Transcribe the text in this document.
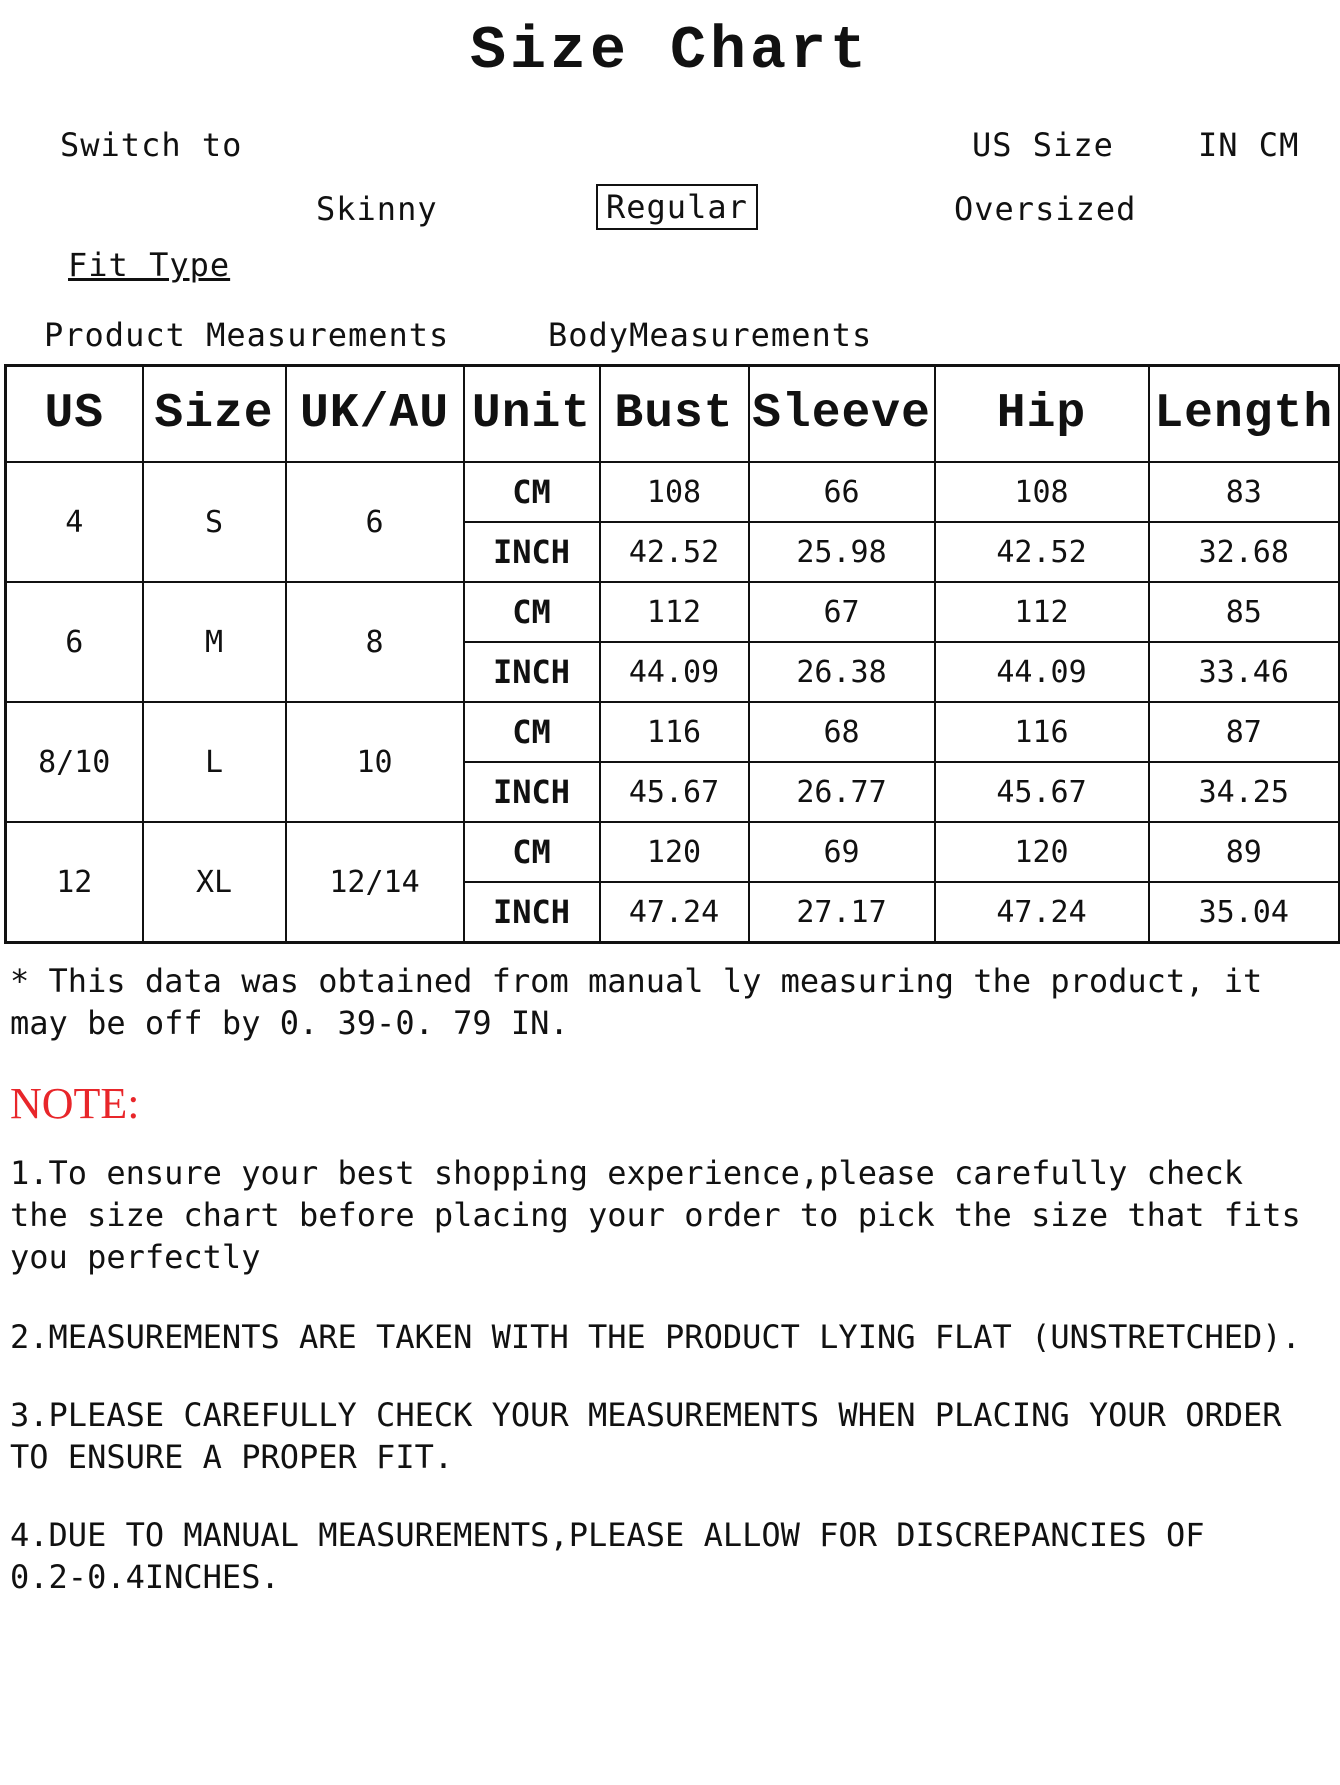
Size Chart
Switch to	US Size	IN CM
Skinny	Regular	Oversized
Fit Type
Product Measurements	BodyMeasurements
US	Size	UK/AU	Unit	Bust	Sleeve	Hip	Length
4	S	6	CM	108	66	108	83
			INCH	42.52	25.98	42.52	32.68
6	M	8	CM	112	67	112	85
			INCH	44.09	26.38	44.09	33.46
8/10	L	10	CM	116	68	116	87
			INCH	45.67	26.77	45.67	34.25
12	XL	12/14	CM	120	69	120	89
			INCH	47.24	27.17	47.24	35.04
* This data was obtained from manual ly measuring the product, it may be off by 0. 39-0. 79 IN.
NOTE:
1.To ensure your best shopping experience,please carefully check the size chart before placing your order to pick the size that fits you perfectly
2.MEASUREMENTS ARE TAKEN WITH THE PRODUCT LYING FLAT (UNSTRETCHED).
3.PLEASE CAREFULLY CHECK YOUR MEASUREMENTS WHEN PLACING YOUR ORDER TO ENSURE A PROPER FIT.
4.DUE TO MANUAL MEASUREMENTS,PLEASE ALLOW FOR DISCREPANCIES OF 0.2-0.4INCHES.
